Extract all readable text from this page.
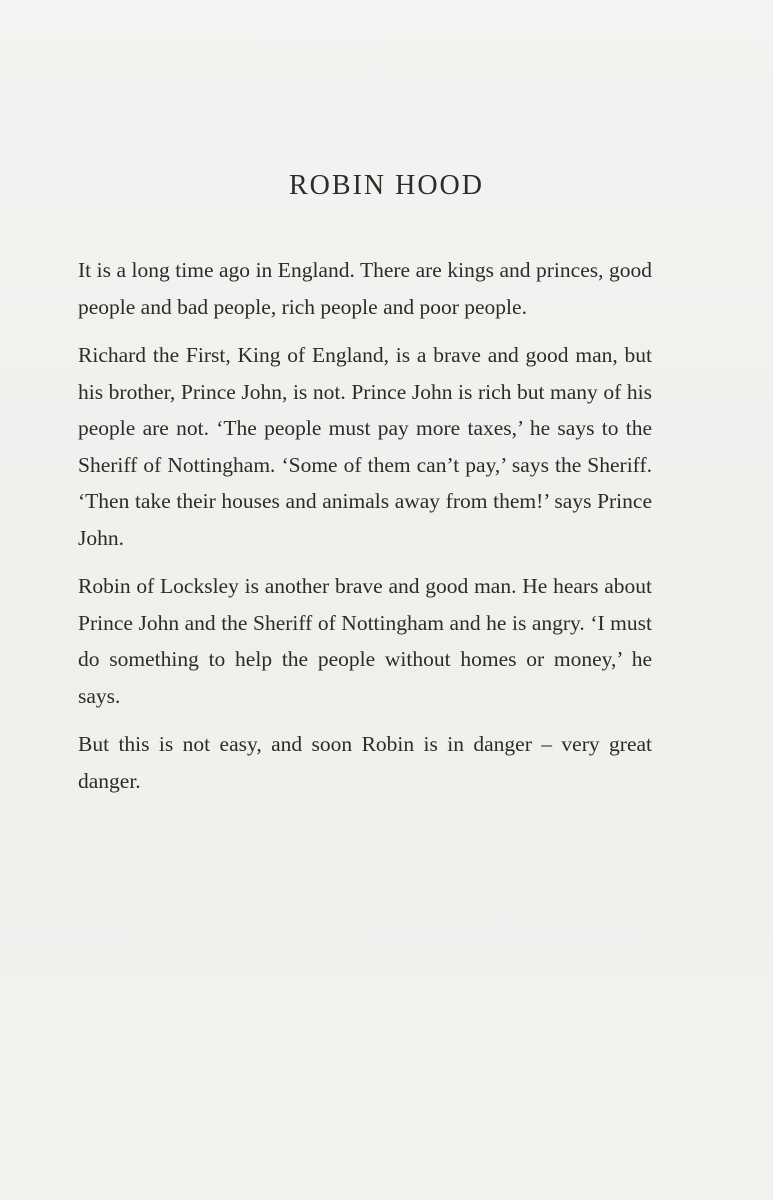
ROBIN HOOD

It is a long time ago in England. There are kings and princes, good people and bad people, rich people and poor people.

Richard the First, King of England, is a brave and good man, but his brother, Prince John, is not. Prince John is rich but many of his people are not. ‘The people must pay more taxes,’ he says to the Sheriff of Nottingham. ‘Some of them can’t pay,’ says the Sheriff. ‘Then take their houses and animals away from them!’ says Prince John.

Robin of Locksley is another brave and good man. He hears about Prince John and the Sheriff of Nottingham and he is angry. ‘I must do something to help the people without homes or money,’ he says.

But this is not easy, and soon Robin is in danger – very great danger.
